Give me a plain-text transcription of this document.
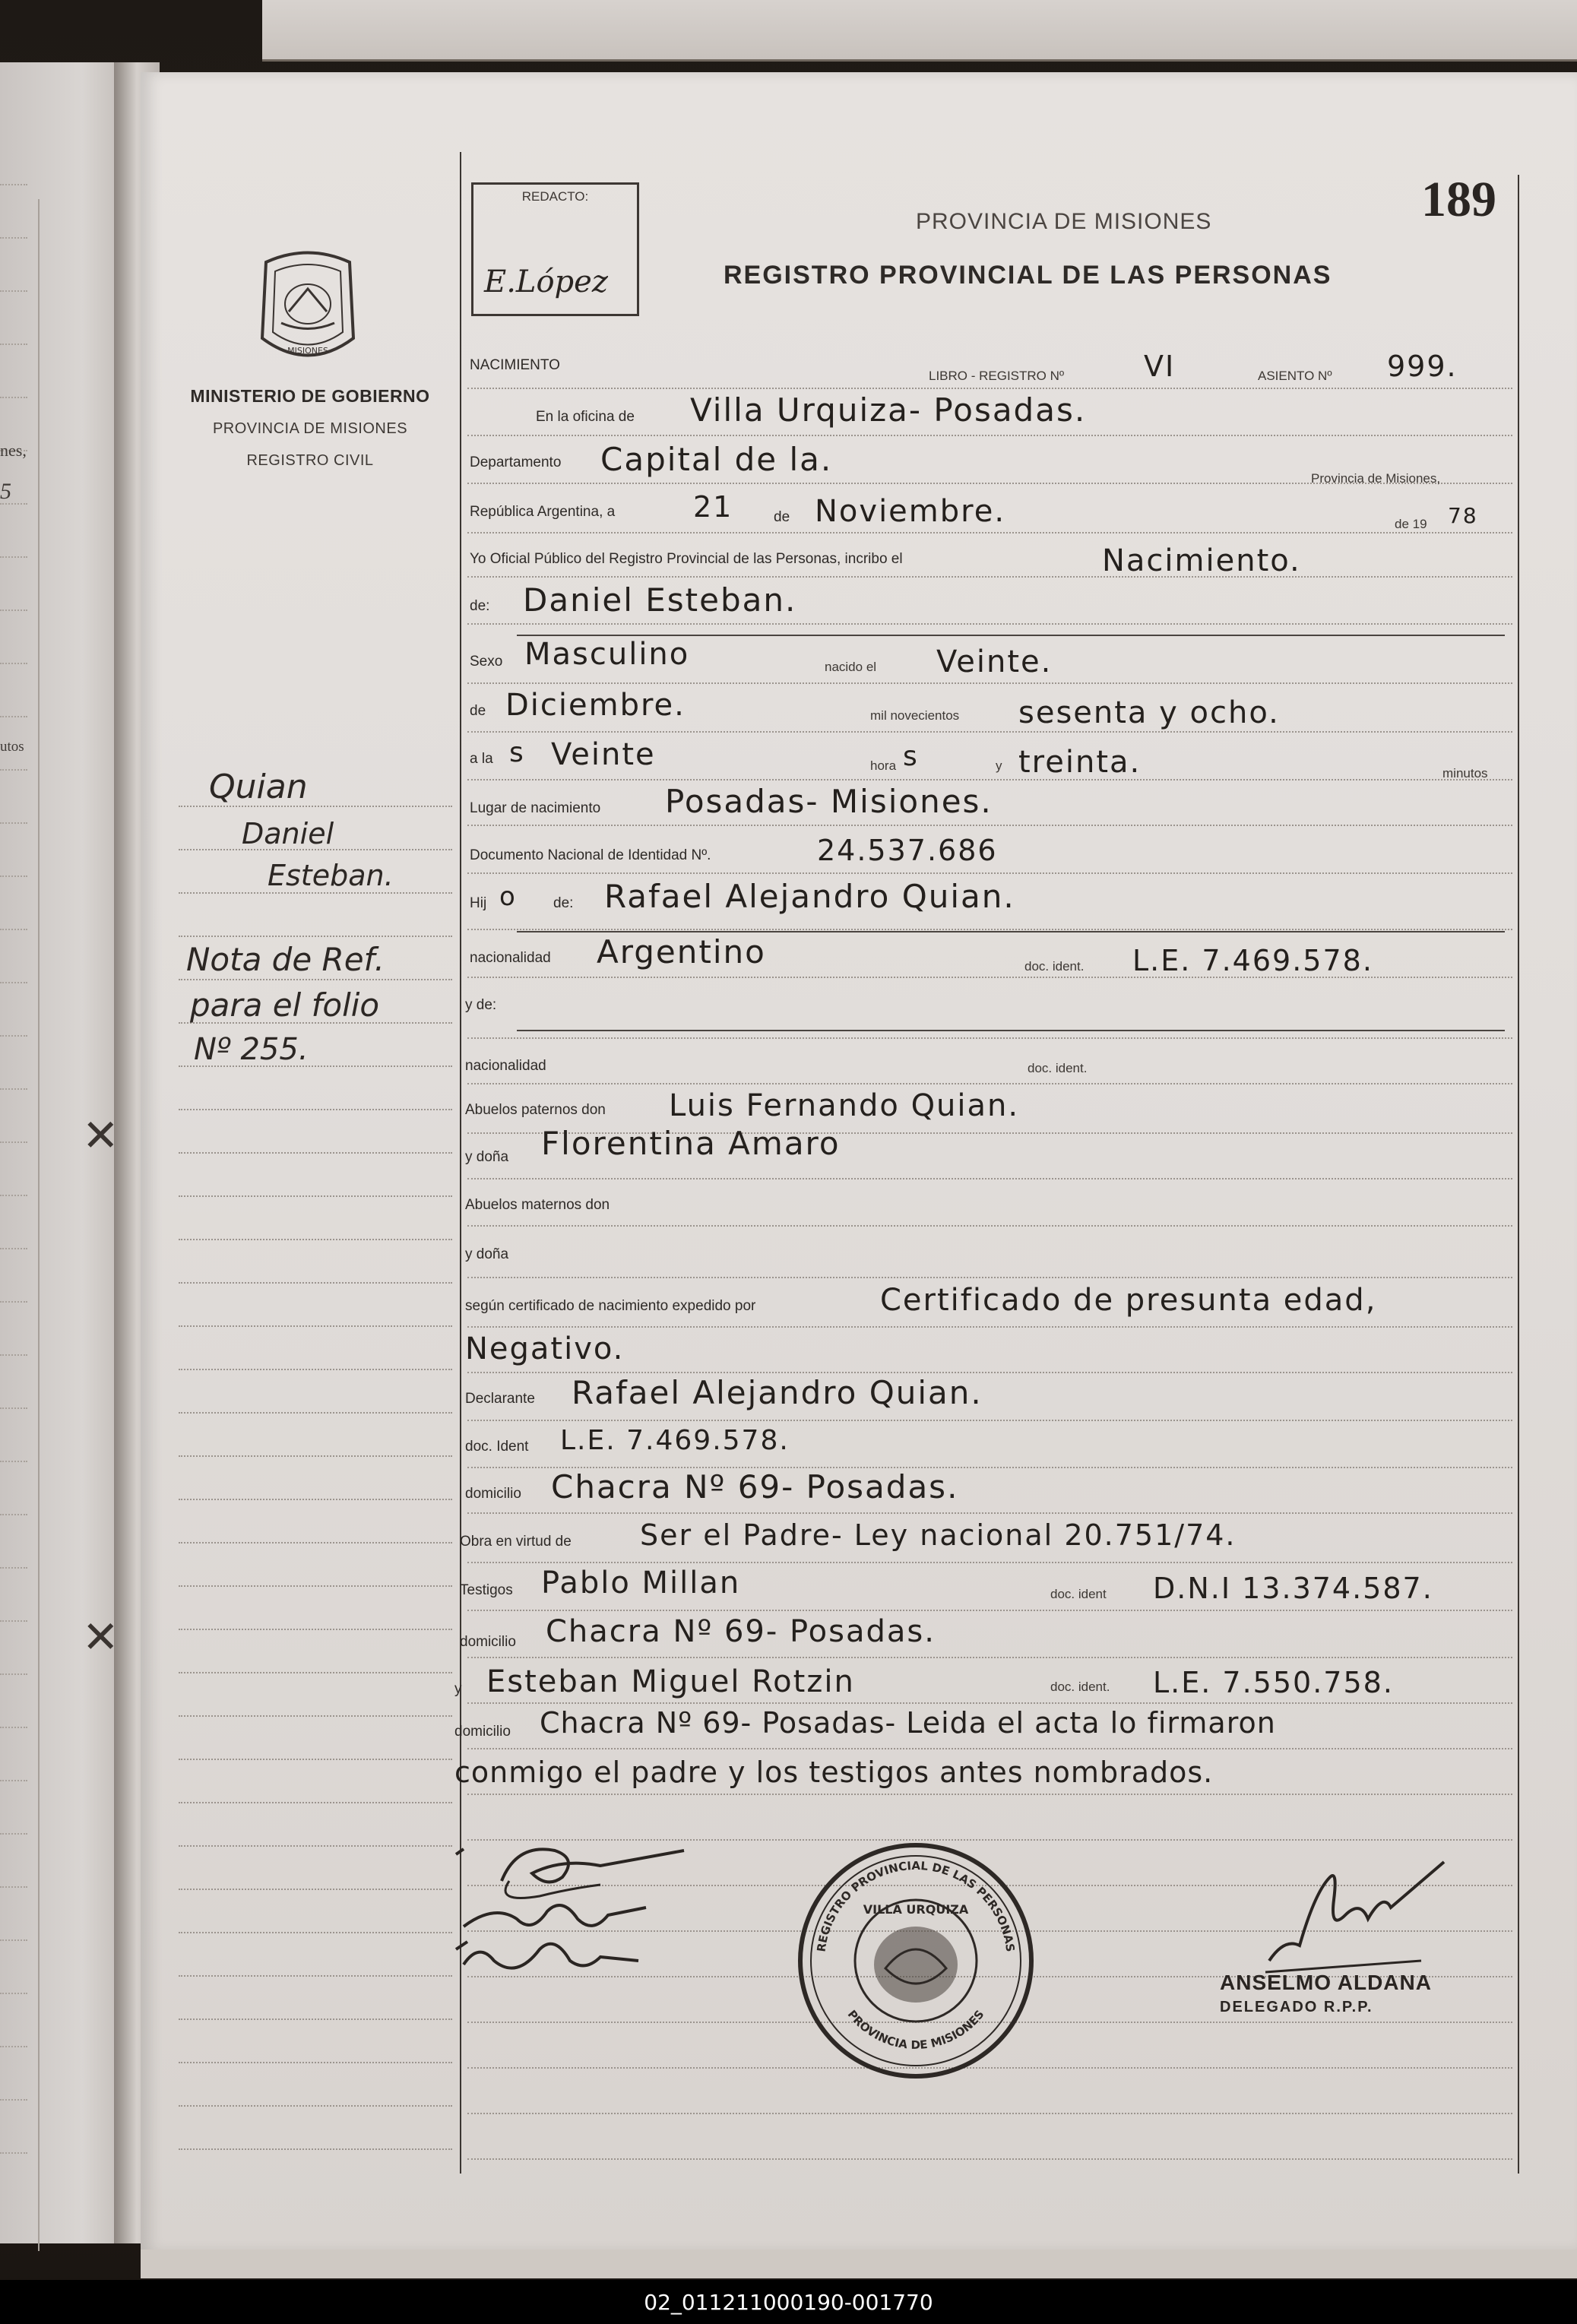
nes,
5
utos
✕
✕
MISIONES
MINISTERIO DE GOBIERNO
PROVINCIA DE MISIONES
REGISTRO CIVIL
Quian
Daniel
Esteban.
Nota de Ref.
para el folio
Nº 255.
REDACTO:
E.López
189
PROVINCIA DE MISIONES
REGISTRO PROVINCIAL DE LAS PERSONAS
NACIMIENTO
LIBRO - REGISTRO Nº	VI	ASIENTO Nº 999.
En la oficina de Villa Urquiza- Posadas.
Departamento Capital de la.
Provincia de Misiones,
República Argentina, a	21	de Noviembre.	de 19 78
Yo Oficial Público del Registro Provincial de las Personas, incribo el	Nacimiento.
de: Daniel Esteban.
Sexo Masculino	nacido el Veinte.
de Diciembre.	mil novecientos sesenta y ocho.
a la s Veinte	hora s	y treinta.	minutos
Lugar de nacimiento Posadas- Misiones.
Documento Nacional de Identidad Nº.	24.537.686
Hij o	de: Rafael Alejandro Quian.
nacionalidad Argentino	doc. ident. L.E. 7.469.578.
y de:
nacionalidad	doc. ident.
Abuelos paternos don Luis Fernando Quian.
y doña Florentina Amaro
Abuelos maternos don
y doña
según certificado de nacimiento expedido por	Certificado de presunta edad,
Negativo.
Declarante Rafael Alejandro Quian.
doc. Ident L.E. 7.469.578.
domicilio Chacra Nº 69- Posadas.
Obra en virtud de Ser el Padre- Ley nacional 20.751/74.
Testigos Pablo Millan	doc. ident D.N.I 13.374.587.
domicilio Chacra Nº 69- Posadas.
y Esteban Miguel Rotzin	doc. ident. L.E. 7.550.758.
domicilio Chacra Nº 69- Posadas- Leida el acta lo firmaron
conmigo el padre y los testigos antes nombrados.
REGISTRO PROVINCIAL DE LAS PERSONAS
VILLA URQUIZA
PROVINCIA DE MISIONES
ANSELMO ALDANA
DELEGADO R.P.P.
02_011211000190-001770
